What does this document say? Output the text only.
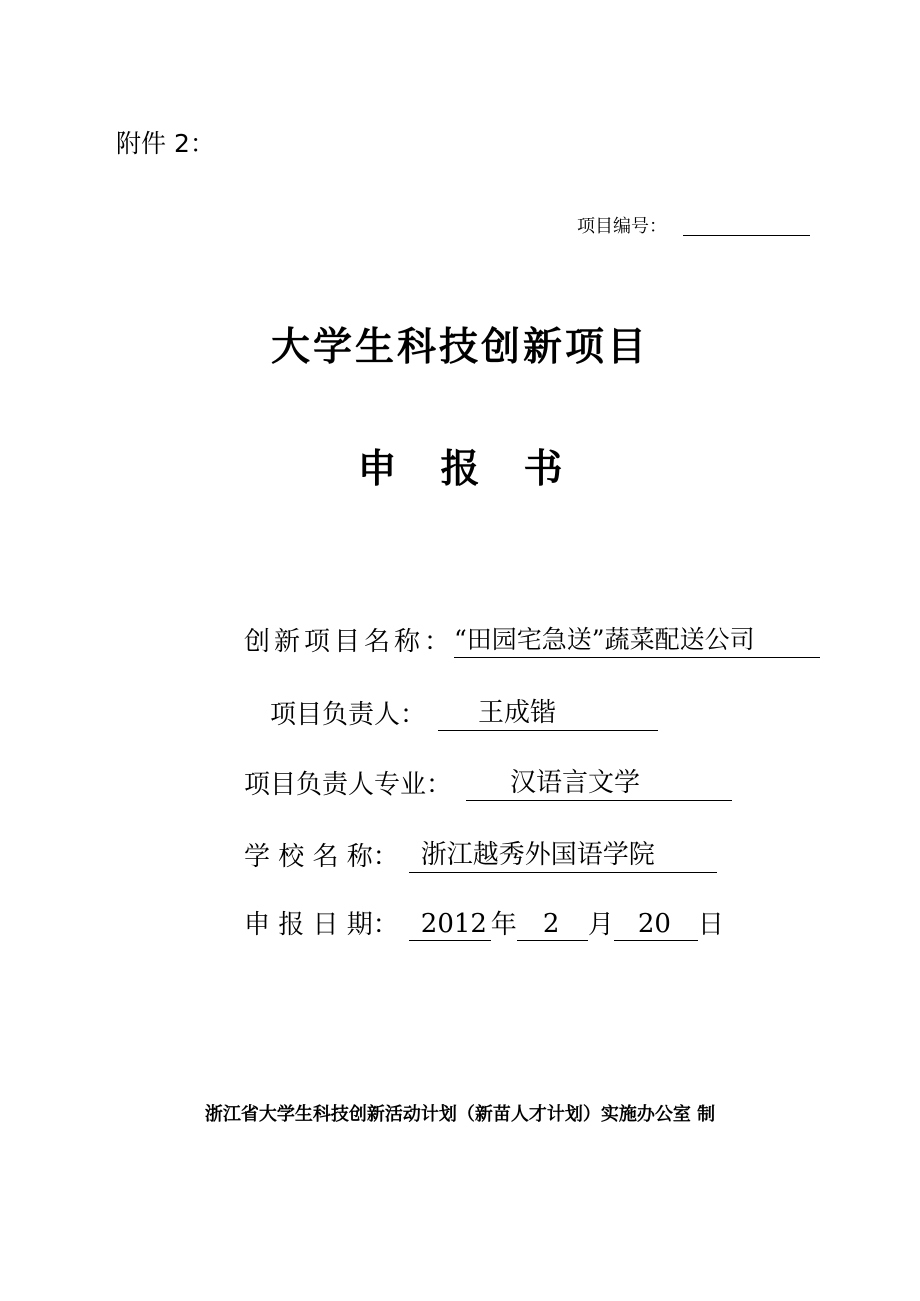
附件 2：
项目编号：
大学生科技创新项目
申报书
创新项目名称： “田园宅急送”蔬菜配送公司
项目负责人：	王成锴
项目负责人专业：	汉语言文学
学 校 名 称： 浙江越秀外国语学院
申 报 日 期： 2012 年	2	月 20	日
浙江省大学生科技创新活动计划（新苗人才计划）实施办公室 制
